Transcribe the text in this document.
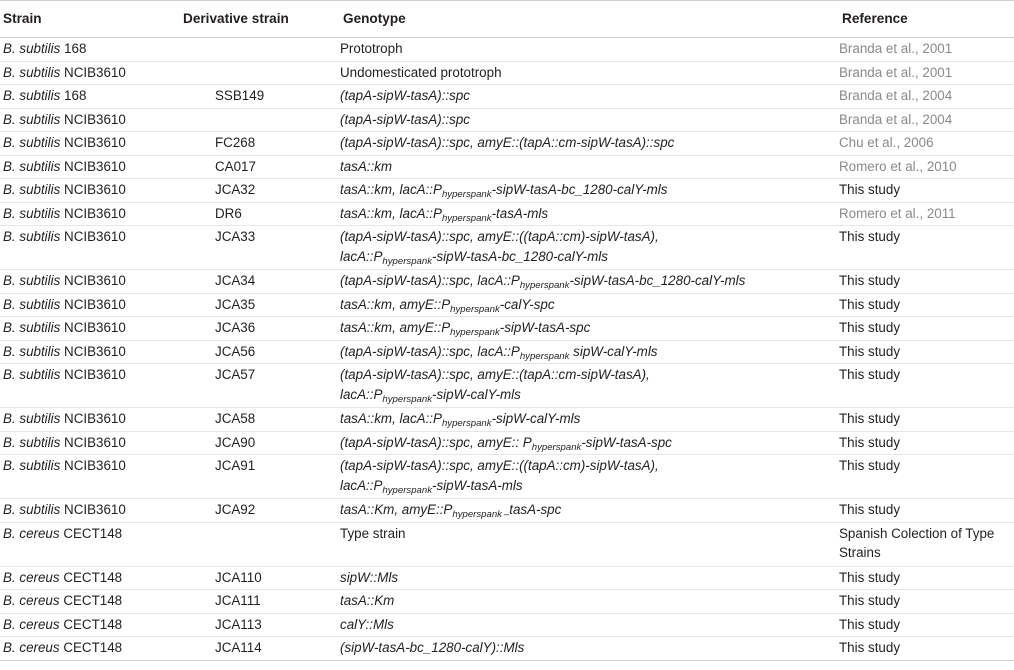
Strain	Derivative strain	Genotype	Reference
B. subtilis 168		Prototroph	Branda et al., 2001
B. subtilis NCIB3610		Undomesticated prototroph	Branda et al., 2001
B. subtilis 168	SSB149	(tapA-sipW-tasA)::spc	Branda et al., 2004
B. subtilis NCIB3610		(tapA-sipW-tasA)::spc	Branda et al., 2004
B. subtilis NCIB3610	FC268	(tapA-sipW-tasA)::spc, amyE::(tapA::cm-sipW-tasA)::spc	Chu et al., 2006
B. subtilis NCIB3610	CA017	tasA::km	Romero et al., 2010
B. subtilis NCIB3610	JCA32	tasA::km, $lacA::P_{hyperspank}-sipW-tasA-bc\_1280-calY$-mls	This study
B. subtilis NCIB3610	DR6	tasA::km, $lacA::P_{hyperspank}-tasA$-mls	Romero et al., 2011
B. subtilis NCIB3610	JCA33	(tapA-sipW-tasA)::spc, amyE::((tapA::cm)-sipW-tasA),
$lacA::P_{hyperspank}-sipW-tasA-bc\_1280-calY$-mls	This study
B. subtilis NCIB3610	JCA34	(tapA-sipW-tasA)::spc, $lacA::P_{hyperspank}-sipW-tasA-bc\_1280-calY$-mls	This study
B. subtilis NCIB3610	JCA35	tasA::km, $amyE::P_{hyperspank}-calY$-spc	This study
B. subtilis NCIB3610	JCA36	tasA::km, $amyE::P_{hyperspank}-sipW-tasA$-spc	This study
B. subtilis NCIB3610	JCA56	(tapA-sipW-tasA)::spc, $lacA::P_{hyperspank}$ sipW-calY-mls	This study
B. subtilis NCIB3610	JCA57	(tapA-sipW-tasA)::spc, amyE::(tapA::cm-sipW-tasA),
$lacA::P_{hyperspank}-sipW-calY$-mls	This study
B. subtilis NCIB3610	JCA58	tasA::km, $lacA::P_{hyperspank}-sipW-calY$-mls	This study
B. subtilis NCIB3610	JCA90	(tapA-sipW-tasA)::spc, amyE:: $P_{hyperspank}-sipW-tasA$-spc	This study
B. subtilis NCIB3610	JCA91	(tapA-sipW-tasA)::spc, amyE::((tapA::cm)-sipW-tasA),
$lacA::P_{hyperspank}-sipW-tasA$-mls	This study
B. subtilis NCIB3610	JCA92	tasA::Km, $amyE::P_{hyperspank -}tasA$-spc	This study
B. cereus CECT148		Type strain	Spanish Colection of Type Strains
B. cereus CECT148	JCA110	sipW::Mls	This study
B. cereus CECT148	JCA111	tasA::Km	This study
B. cereus CECT148	JCA113	calY::Mls	This study
B. cereus CECT148	JCA114	(sipW-tasA-bc_1280-calY)::Mls	This study
